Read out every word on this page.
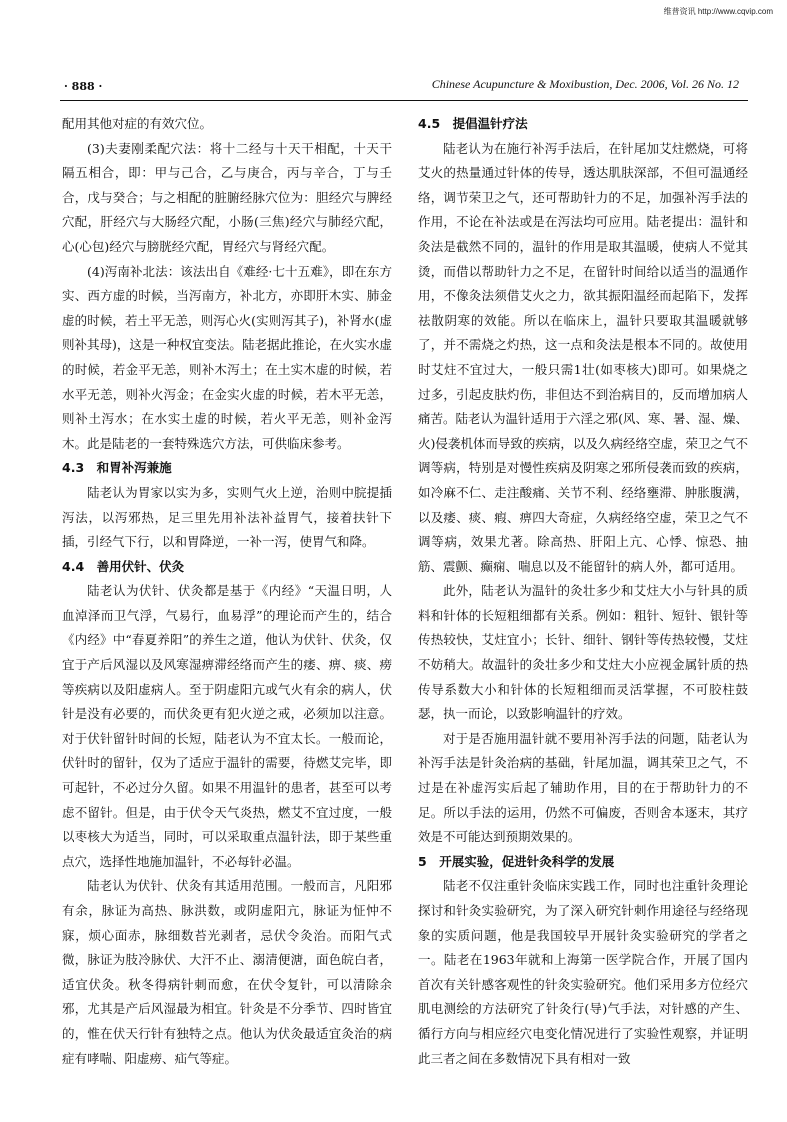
维普资讯 http://www.cqvip.com
· 888 ·	Chinese Acupuncture & Moxibustion, Dec. 2006, Vol. 26 No. 12

配用其他对症的有效穴位。

(3)夫妻刚柔配穴法：将十二经与十天干相配，十天干隔五相合，即：甲与己合，乙与庚合，丙与辛合，丁与壬合，戊与癸合；与之相配的脏腑经脉穴位为：胆经穴与脾经穴配，肝经穴与大肠经穴配，小肠(三焦)经穴与肺经穴配，心(心包)经穴与膀胱经穴配，胃经穴与肾经穴配。

(4)泻南补北法：该法出自《难经·七十五难》，即在东方实、西方虚的时候，当泻南方，补北方，亦即肝木实、肺金虚的时候，若土平无恙，则泻心火(实则泻其子)，补肾水(虚则补其母)，这是一种权宜变法。陆老据此推论，在火实水虚的时候，若金平无恙，则补木泻土；在土实木虚的时候，若水平无恙，则补火泻金；在金实火虚的时候，若木平无恙，则补土泻水；在水实土虚的时候，若火平无恙，则补金泻木。此是陆老的一套特殊选穴方法，可供临床参考。

4.3　和胃补泻兼施

陆老认为胃家以实为多，实则气火上逆，治则中脘提插泻法，以泻邪热，足三里先用补法补益胃气，接着扶针下插，引经气下行，以和胃降逆，一补一泻，使胃气和降。

4.4　善用伏针、伏灸

陆老认为伏针、伏灸都是基于《内经》“天温日明，人血淖泽而卫气浮，气易行，血易浮”的理论而产生的，结合《内经》中“春夏养阳”的养生之道，他认为伏针、伏灸，仅宜于产后风湿以及风寒湿痹滞经络而产生的痿、痹、痰、痨等疾病以及阳虚病人。至于阴虚阳亢或气火有余的病人，伏针是没有必要的，而伏灸更有犯火逆之戒，必须加以注意。对于伏针留针时间的长短，陆老认为不宜太长。一般而论，伏针时的留针，仅为了适应于温针的需要，待燃艾完毕，即可起针，不必过分久留。如果不用温针的患者，甚至可以考虑不留针。但是，由于伏令天气炎热，燃艾不宜过度，一般以枣核大为适当，同时，可以采取重点温针法，即于某些重点穴，选择性地施加温针，不必每针必温。

陆老认为伏针、伏灸有其适用范围。一般而言，凡阳邪有余，脉证为高热、脉洪数，或阴虚阳亢，脉证为怔忡不寐，烦心面赤，脉细数苔光剥者，忌伏令灸治。而阳气式微，脉证为肢冷脉伏、大汗不止、溺清便溏，面色皖白者，适宜伏灸。秋冬得病针刺而愈，在伏令复针，可以清除余邪，尤其是产后风湿最为相宜。针灸是不分季节、四时皆宜的，惟在伏天行针有独特之点。他认为伏灸最适宜灸治的病症有哮喘、阳虚痨、疝气等症。

4.5　提倡温针疗法

陆老认为在施行补泻手法后，在针尾加艾炷燃烧，可将艾火的热量通过针体的传导，透达肌肤深部，不但可温通经络，调节荣卫之气，还可帮助针力的不足，加强补泻手法的作用，不论在补法或是在泻法均可应用。陆老提出：温针和灸法是截然不同的，温针的作用是取其温暖，使病人不觉其烫，而借以帮助针力之不足，在留针时间给以适当的温通作用，不像灸法须借艾火之力，欲其振阳温经而起陷下，发挥祛散阴寒的效能。所以在临床上，温针只要取其温暖就够了，并不需烧之灼热，这一点和灸法是根本不同的。故使用时艾炷不宜过大，一般只需1壮(如枣核大)即可。如果烧之过多，引起皮肤灼伤，非但达不到治病目的，反而增加病人痛苦。陆老认为温针适用于六淫之邪(风、寒、暑、湿、燥、火)侵袭机体而导致的疾病，以及久病经络空虚，荣卫之气不调等病，特别是对慢性疾病及阴寒之邪所侵袭而致的疾病，如冷麻不仁、走注酸痛、关节不利、经络壅滞、肿胀腹满，以及痿、痰、瘕、痹四大奇症，久病经络空虚，荣卫之气不调等病，效果尤著。除高热、肝阳上亢、心悸、惊恐、抽筋、震颤、癫痫、喘息以及不能留针的病人外，都可适用。

此外，陆老认为温针的灸壮多少和艾炷大小与针具的质料和针体的长短粗细都有关系。例如：粗针、短针、银针等传热较快，艾炷宜小；长针、细针、钢针等传热较慢，艾炷不妨稍大。故温针的灸壮多少和艾炷大小应视金属针质的热传导系数大小和针体的长短粗细而灵活掌握，不可胶柱鼓瑟，执一而论，以致影响温针的疗效。

对于是否施用温针就不要用补泻手法的问题，陆老认为补泻手法是针灸治病的基础，针尾加温，调其荣卫之气，不过是在补虚泻实后起了辅助作用，目的在于帮助针力的不足。所以手法的运用，仍然不可偏废，否则舍本逐末，其疗效是不可能达到预期效果的。

5　开展实验，促进针灸科学的发展

陆老不仅注重针灸临床实践工作，同时也注重针灸理论探讨和针灸实验研究，为了深入研究针刺作用途径与经络现象的实质问题，他是我国较早开展针灸实验研究的学者之一。陆老在1963年就和上海第一医学院合作，开展了国内首次有关针感客观性的针灸实验研究。他们采用多方位经穴肌电测绘的方法研究了针灸行(导)气手法，对针感的产生、循行方向与相应经穴电变化情况进行了实验性观察，并证明此三者之间在多数情况下具有相对一致
